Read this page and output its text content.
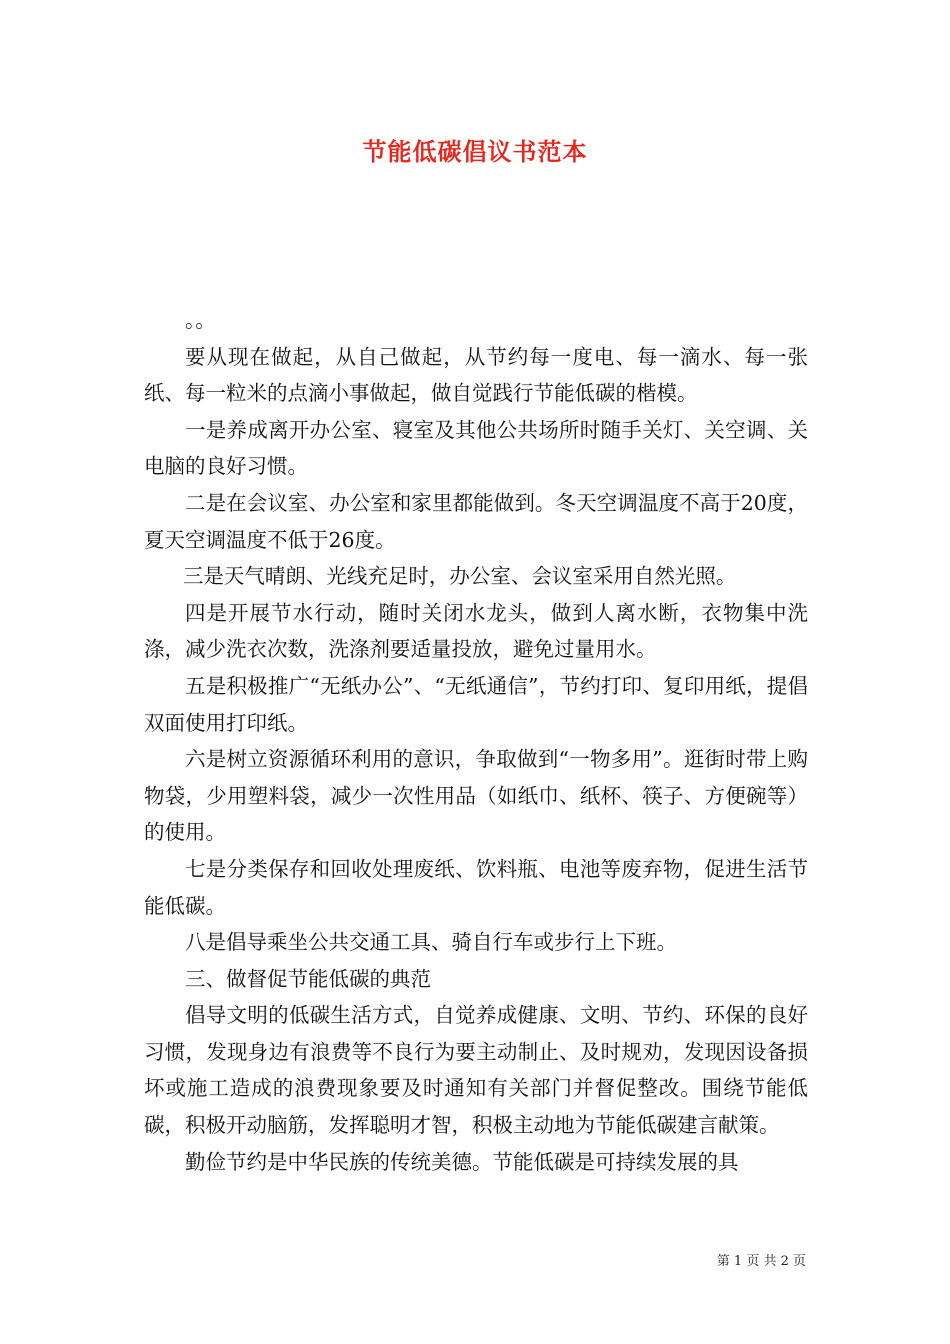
节能低碳倡议书范本

。。

要从现在做起，从自己做起，从节约每一度电、每一滴水、每一张纸、每一粒米的点滴小事做起，做自觉践行节能低碳的楷模。

一是养成离开办公室、寝室及其他公共场所时随手关灯、关空调、关电脑的良好习惯。

二是在会议室、办公室和家里都能做到。冬天空调温度不高于20度，夏天空调温度不低于26度。

三是天气晴朗、光线充足时，办公室、会议室采用自然光照。

四是开展节水行动，随时关闭水龙头，做到人离水断，衣物集中洗涤，减少洗衣次数，洗涤剂要适量投放，避免过量用水。

五是积极推广“无纸办公”、“无纸通信”，节约打印、复印用纸，提倡双面使用打印纸。

六是树立资源循环利用的意识，争取做到“一物多用”。逛街时带上购物袋，少用塑料袋，减少一次性用品（如纸巾、纸杯、筷子、方便碗等）的使用。

七是分类保存和回收处理废纸、饮料瓶、电池等废弃物，促进生活节能低碳。

八是倡导乘坐公共交通工具、骑自行车或步行上下班。

三、做督促节能低碳的典范

倡导文明的低碳生活方式，自觉养成健康、文明、节约、环保的良好习惯，发现身边有浪费等不良行为要主动制止、及时规劝，发现因设备损坏或施工造成的浪费现象要及时通知有关部门并督促整改。围绕节能低碳，积极开动脑筋，发挥聪明才智，积极主动地为节能低碳建言献策。

勤俭节约是中华民族的传统美德。节能低碳是可持续发展的具

第 1 页 共 2 页
